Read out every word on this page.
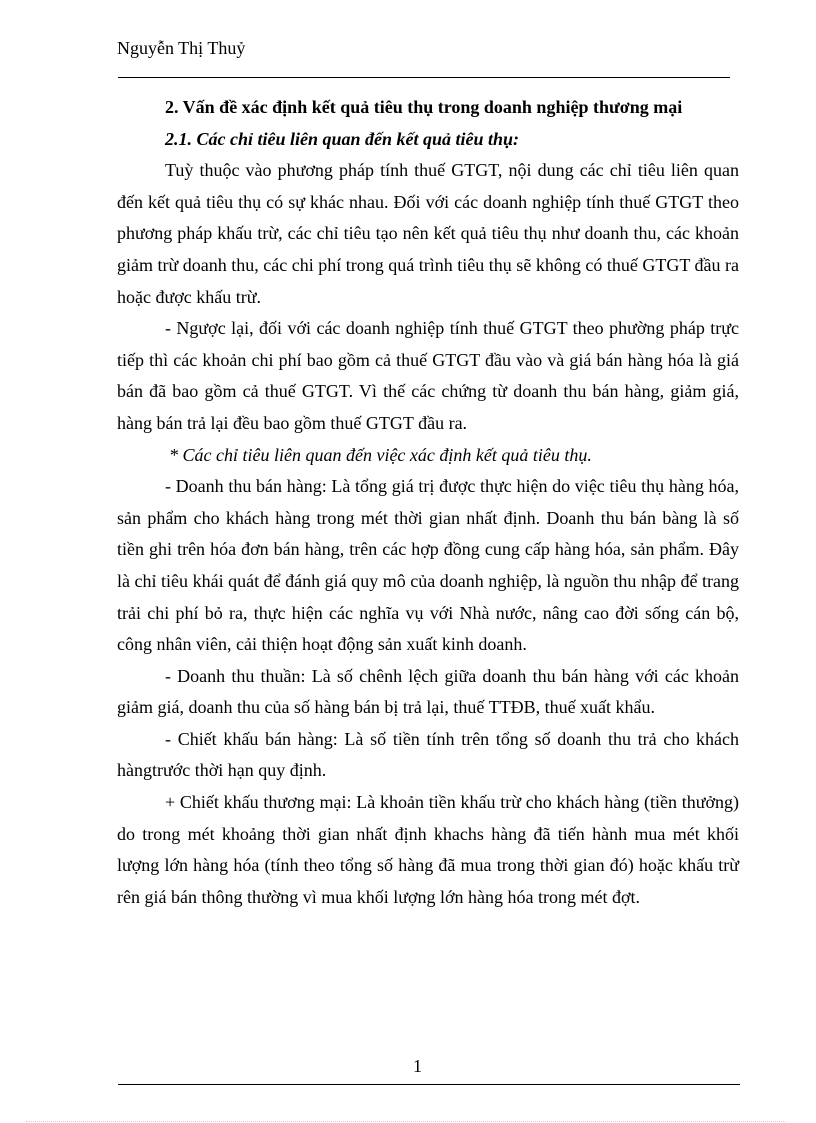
Nguyễn Thị Thuỷ

2. Vấn đề xác định kết quả tiêu thụ trong doanh nghiệp thương mại

2.1. Các chỉ tiêu liên quan đến kết quả tiêu thụ:

Tuỳ thuộc vào phương pháp tính thuế GTGT, nội dung các chỉ tiêu liên quan đến kết quả tiêu thụ có sự khác nhau. Đối với các doanh nghiệp tính thuế GTGT theo phương pháp khấu trừ, các chỉ tiêu tạo nên kết quả tiêu thụ như doanh thu, các khoản giảm trừ doanh thu, các chi phí trong quá trình tiêu thụ sẽ không có thuế GTGT đầu ra hoặc được khấu trừ.

- Ngược lại, đối với các doanh nghiệp tính thuế GTGT theo phường pháp trực tiếp thì các khoản chi phí bao gồm cả thuế GTGT đầu vào và giá bán hàng hóa là giá bán đã bao gồm cả thuế GTGT. Vì thế các chứng từ doanh thu bán hàng, giảm giá, hàng bán trả lại đều bao gồm thuế GTGT đầu ra.

* Các chỉ tiêu liên quan đến việc xác định kết quả tiêu thụ.

- Doanh thu bán hàng: Là tổng giá trị được thực hiện do việc tiêu thụ hàng hóa, sản phẩm cho khách hàng trong mét thời gian nhất định. Doanh thu bán bàng là số tiền ghi trên hóa đơn bán hàng, trên các hợp đồng cung cấp hàng hóa, sản phẩm. Đây là chỉ tiêu khái quát để đánh giá quy mô của doanh nghiệp, là nguồn thu nhập để trang trải chi phí bỏ ra, thực hiện các nghĩa vụ với Nhà nước, nâng cao đời sống cán bộ, công nhân viên, cải thiện hoạt động sản xuất kinh doanh.

- Doanh thu thuần: Là số chênh lệch giữa doanh thu bán hàng với các khoản giảm giá, doanh thu của số hàng bán bị trả lại, thuế TTĐB, thuế xuất khẩu.

- Chiết khấu bán hàng: Là số tiền tính trên tổng số doanh thu trả cho khách hàngtrước thời hạn quy định.

+ Chiết khấu thương mại: Là khoản tiền khấu trừ cho khách hàng (tiền thưởng) do trong mét khoảng thời gian nhất định khachs hàng đã tiến hành mua mét khối lượng lớn hàng hóa (tính theo tổng số hàng đã mua trong thời gian đó) hoặc khấu trừ rên giá bán thông thường vì mua khối lượng lớn hàng hóa trong mét đợt.

1
